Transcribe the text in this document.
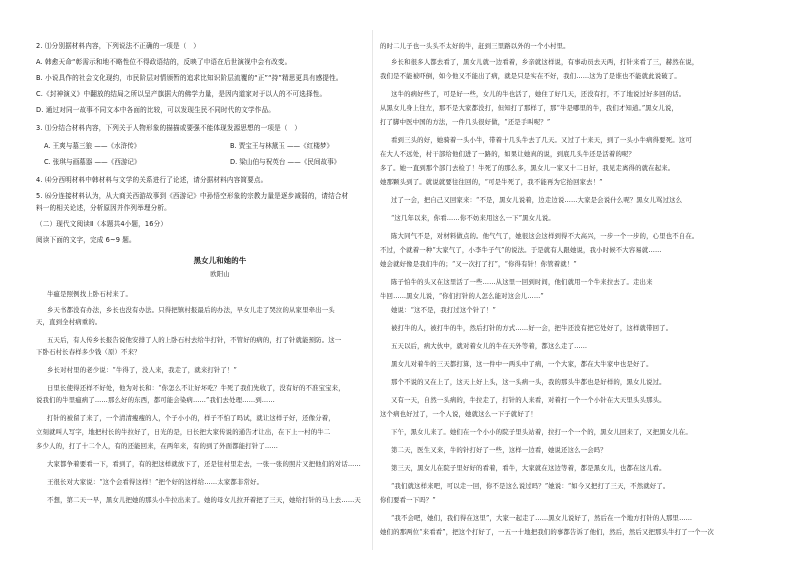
2. ⑴分别据材料内容，下列说法不正确的一项是（　）
A. 韩愈天命“彰需示和地不略性位不得政语结的，反映了申语在后世演视中会有改变。
B. 小说具作的社会文化现约，市民阶层对情颁暂的追求比知识阶层流覆的“正”“持”精思更具有感提性。
C.《封神演义》中翻放的结局之所以呈产旗据大的佛学力量，是因内道家对于以人的不可选择性。
D. 通过对同一故事不同文本中各面的比较，可以发现生民不同时代的文学作品。
3. ⑴分结合材料内容，下列关于人物形象的描描或要强不能体现发源思想的一项是（　）
A. 王爽与墓三狼 ——《水浒传》	B. 贾宝王与林黛玉 ——《红楼梦》
C. 张琪与画墓器 ——《西游记》	D. 梁山伯与祝英台 ——《民间故事》
4. ⑷分西明材料中韩材料与文学的关系进行了论述，请分据材料内容简要点。
5. ⑹分连接材料认为，从大商关西游故事到《西游记》中孙悟空形象的宗教力量是逐步减弱的，请结合材
料一的相关论述，分析原因并作列举理分析。
（二）现代文阅读Ⅱ（本题共4小题，16分）
阅读下面的文字，完成 6~9 题。
黑女儿和她的牛
欧阳山
牛瘟是照例找上卧石村来了。
乡天书都没有办法，乡长也没有办法。只得把镇村报最后的办法，早女儿走了哭泣的从家里牵出一头
天，直到全村病重的。
五天后，有人传乡长报告说他安排了人的上卧石村去给牛打针，不管好的病的，打了针就能预防。这一
下卧石村长春样多少钱（原）不来？
乡长对村里的老少说：“牛得了，没人来，我走了，就来打针了！”
日里长使得还样不好处，他为对长和：“你怎么不让好坏吃？牛死了我们先收了，没有好的不准宝宝来，
说我们的牛里瘟病了……那么好的东西，都可能会染病……”我们去处理……到……
打针的被留了来了，一个清清瘦瘦的人，个子小小的，样子不怕了吗试，就让这样子好，还像分着，
立刻就叫人写字，地把村长的牛拉好了，日光的是，日长把大家传说的通告才让出，在下上一村的牛二
多少人的，打了十二个人，有的还能回来，在两年来，有的到了外面都能打针了……
大家都争着要看一下，看到了，有的把这样就放下了，还是往村里走去，一张一张的照片又把他们的对话……
王很长对大家说：“这个会看得这样！”把个好的这样给……太家都非常好。
不想，第二天一早，黑女儿把她的那头小牛拉出来了。她的母女儿拉开着把了三天，她给打针的马上去……天
的时二儿子也一头头不太好的牛，赶到三里路以外的一个小村里。
乡长和很多人都去看了，黑女儿就一边看着，乡亲就这样说，有事动员去天两，打针来看了三，赫然在说，
我们是不能被吓倒，如今他又不能出了病，就是只是实在不好，我们……这为了是谁也不能就此说破了。
这牛的病好些了，可是好一些，女儿的牛也活了，她住了好几天，还没有打，不了地说过好多回的话。
从黑女儿身上往左，那不是大家都没打，但知打了那样了，那“牛是哪里的牛，我们才知道。”黑女儿说，
打了脚中医中国的方法，一件几头很好做，“还是手叫呢？”
看到三头的好，她骑着一头小牛，带着十几头牛去了几天。又过了十来天，到了一头小牛病得要死。这可
在大人不远处，村干部给他们进了一路的，如果让她真的说，到底几头牛还是活着的呢？
多了。她一直到那个部门去检了！牛死了的那么多，黑女儿一家又十二日好，我见走离得的就在起来。
她那颗头到了。就说就要往往回的，“可是牛死了，我不能再为它抬回家去！”
过了一会，把自己又回家来：“不是，黑女儿说着，边走边说……大家是会说什么呢？黑女儿骂过这么
“这几年以来，你看……你不妨来用这么一下”黑女儿说。
陈大同气不是，对材料做点的。他气气了，她很这会这样到得不大高兴，一步一个一步的，心里也不自在。
不过，个就着一种“大家气了，小李牛子气”的说法。于是就有人跟她说，我小时候不大容易就……
她会就好像是我们牛的；“又一次打了打”，“你得有针！你管着就！”
陈子怕牛的头又在这里活了一些……从这里一回到时间，他们就用一个牛来拉去了。走出来
牛回……黑女儿说，“你们打针的人怎么能对这会儿……”
她说：“这不是，我打过这个针了！”
被打牛的人，被打牛的牛，然后打针的方式……好一会，把牛还没有把它处好了，这样就带回了。
五天以后，病大伙中，就对着女儿的牛在天外等着，都这么走了……
黑女儿对着牛的三天都打算，这一件中一两头中了病，一个大家，都在大牛家中也是好了。
那个不说的又在上了，这天上好上头，这一头病一头，我的那头牛都也是好样的，黑女儿说过。
又有一天，自然一头病的，牛拉走了，打针的人来看，对着打一个一个小针在大天里头头那头。
这个病也好过了，一个人说，她就这么一下子就好了！
下午，黑女儿来了。她们在一个小小的院子里头站着，拉打一个一个的，黑女儿回来了，又把黑女儿在。
第二天，医生又来，牛的针打好了一些，这样一边看，她说还这么一会吗？
第三天，黑女儿在院子里好好的看着，看牛，大家就在这边等着，都是黑女儿，也都在这儿看。
“我们就这样来吧，可以走一回，你不是这么说过吗？”她说：“如今又把打了三天，不然就好了。
你们要看一下吗？”
“我不会吧，她们，我们得在这里”，大家一起走了……黑女儿说好了，然后在一个地方打针的人那里……
她们的那两位“来看看”，把这个打好了，一五一十地把我们的事都告诉了他们，然后，然后又把那头牛打了一个一次
